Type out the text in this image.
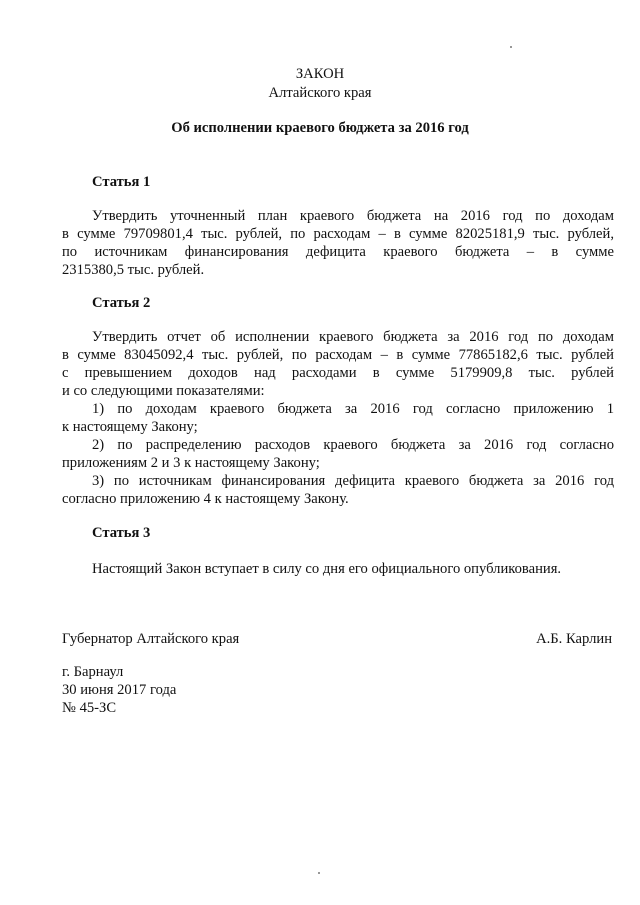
ЗАКОН
Алтайского края
Об исполнении краевого бюджета за 2016 год
Статья 1
Утвердить уточненный план краевого бюджета на 2016 год по доходам
в сумме 79709801,4 тыс. рублей, по расходам – в сумме 82025181,9 тыс. рублей,
по источникам финансирования дефицита краевого бюджета – в сумме
2315380,5 тыс. рублей.
Статья 2
Утвердить отчет об исполнении краевого бюджета за 2016 год по доходам
в сумме 83045092,4 тыс. рублей, по расходам – в сумме 77865182,6 тыс. рублей
с превышением доходов над расходами в сумме 5179909,8 тыс. рублей
и со следующими показателями:
1) по доходам краевого бюджета за 2016 год согласно приложению 1
к настоящему Закону;
2) по распределению расходов краевого бюджета за 2016 год согласно
приложениям 2 и 3 к настоящему Закону;
3) по источникам финансирования дефицита краевого бюджета за 2016 год
согласно приложению 4 к настоящему Закону.
Статья 3
Настоящий Закон вступает в силу со дня его официального опубликования.
Губернатор Алтайского края	А.Б. Карлин
г. Барнаул
30 июня 2017 года
№ 45-ЗС
